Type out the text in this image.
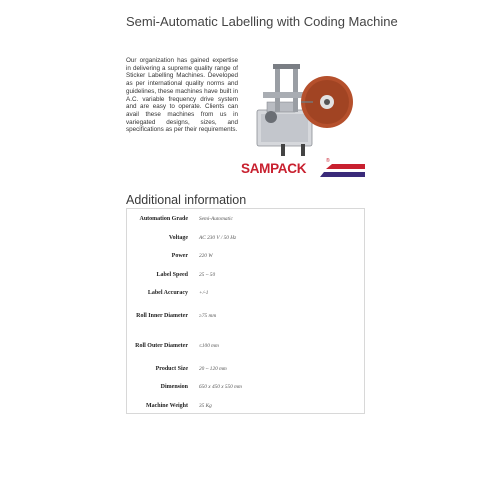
Semi-Automatic Labelling with Coding Machine

Our organization has gained expertise in delivering a supreme quality range of Sticker Labelling Machines. Developed as per international quality norms and guidelines, these machines have built in A.C. variable frequency drive system and are easy to operate. Clients can avail these machines from us in variegated designs, sizes, and specifications as per their requirements.

SAMPACK	®
Additional information
Automation Grade Semi-Automatic
Voltage AC 230 V / 50 Hz
Power 220 W
Label Speed 25 ~ 50
Label Accuracy +/-1
Roll Inner Diameter ≥75 mm
Roll Outer Diameter ≤100 mm
Product Size 20 ~ 120 mm
Dimension 650 x 450 x 550 mm
Machine Weight 35 Kg
